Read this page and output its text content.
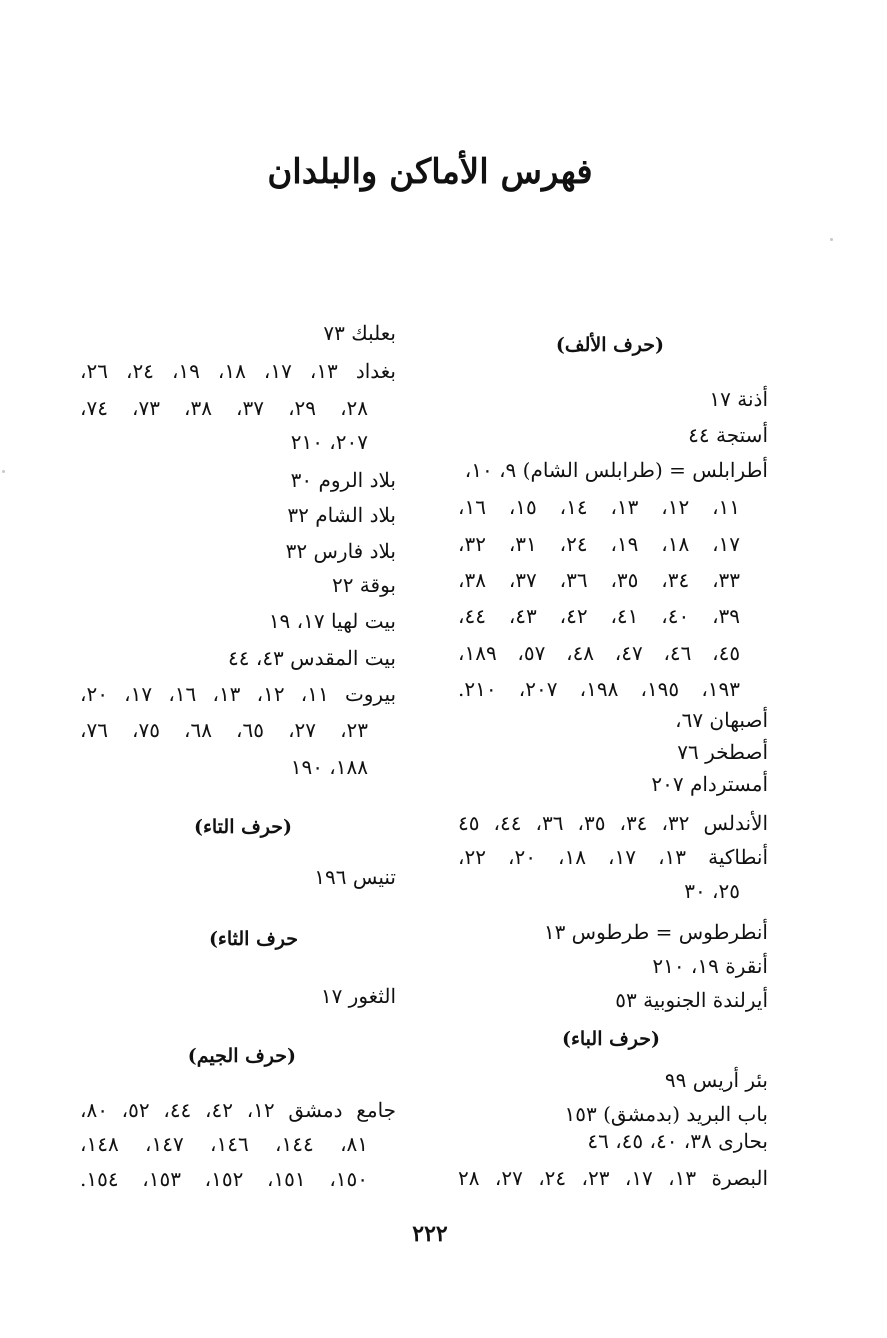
فهرس الأماكن والبلدان
(حرف الألف)
أذنة ١٧
أستجة ٤٤
أطرابلس = (طرابلس الشام) ٩، ١٠،
١١، ١٢، ١٣، ١٤، ١٥، ١٦،
١٧، ١٨، ١٩، ٢٤، ٣١، ٣٢،
٣٣، ٣٤، ٣٥، ٣٦، ٣٧، ٣٨،
٣٩، ٤٠، ٤١، ٤٢، ٤٣، ٤٤،
٤٥، ٤٦، ٤٧، ٤٨، ٥٧، ١٨٩،
١٩٣، ١٩٥، ١٩٨، ٢٠٧، ٢١٠.
أصبهان ٦٧،
أصطخر ٧٦
أمستردام ٢٠٧
الأندلس ٣٢، ٣٤، ٣٥، ٣٦، ٤٤، ٤٥
أنطاكية ١٣، ١٧، ١٨، ٢٠، ٢٢،
٢٥، ٣٠
أنطرطوس = طرطوس ١٣
أنقرة ١٩، ٢١٠
أيرلندة الجنوبية ٥٣
(حرف الباء)
بئر أريس ٩٩
باب البريد (بدمشق) ١٥٣
بحارى ٣٨، ٤٠، ٤٥، ٤٦
البصرة ١٣، ١٧، ٢٣، ٢٤، ٢٧، ٢٨
بعلبك ٧٣
بغداد ١٣، ١٧، ١٨، ١٩، ٢٤، ٢٦،
٢٨، ٢٩، ٣٧، ٣٨، ٧٣، ٧٤،
٢٠٧، ٢١٠
بلاد الروم ٣٠
بلاد الشام ٣٢
بلاد فارس ٣٢
بوقة ٢٢
بيت لهيا ١٧، ١٩
بيت المقدس ٤٣، ٤٤
بيروت ١١، ١٢، ١٣، ١٦، ١٧، ٢٠،
٢٣، ٢٧، ٦٥، ٦٨، ٧٥، ٧٦،
١٨٨، ١٩٠
(حرف التاء)
تنيس ١٩٦
حرف الثاء)
الثغور ١٧
(حرف الجيم)
جامع دمشق ١٢، ٤٢، ٤٤، ٥٢، ٨٠،
٨١، ١٤٤، ١٤٦، ١٤٧، ١٤٨،
١٥٠، ١٥١، ١٥٢، ١٥٣، ١٥٤.
٢٢٢
